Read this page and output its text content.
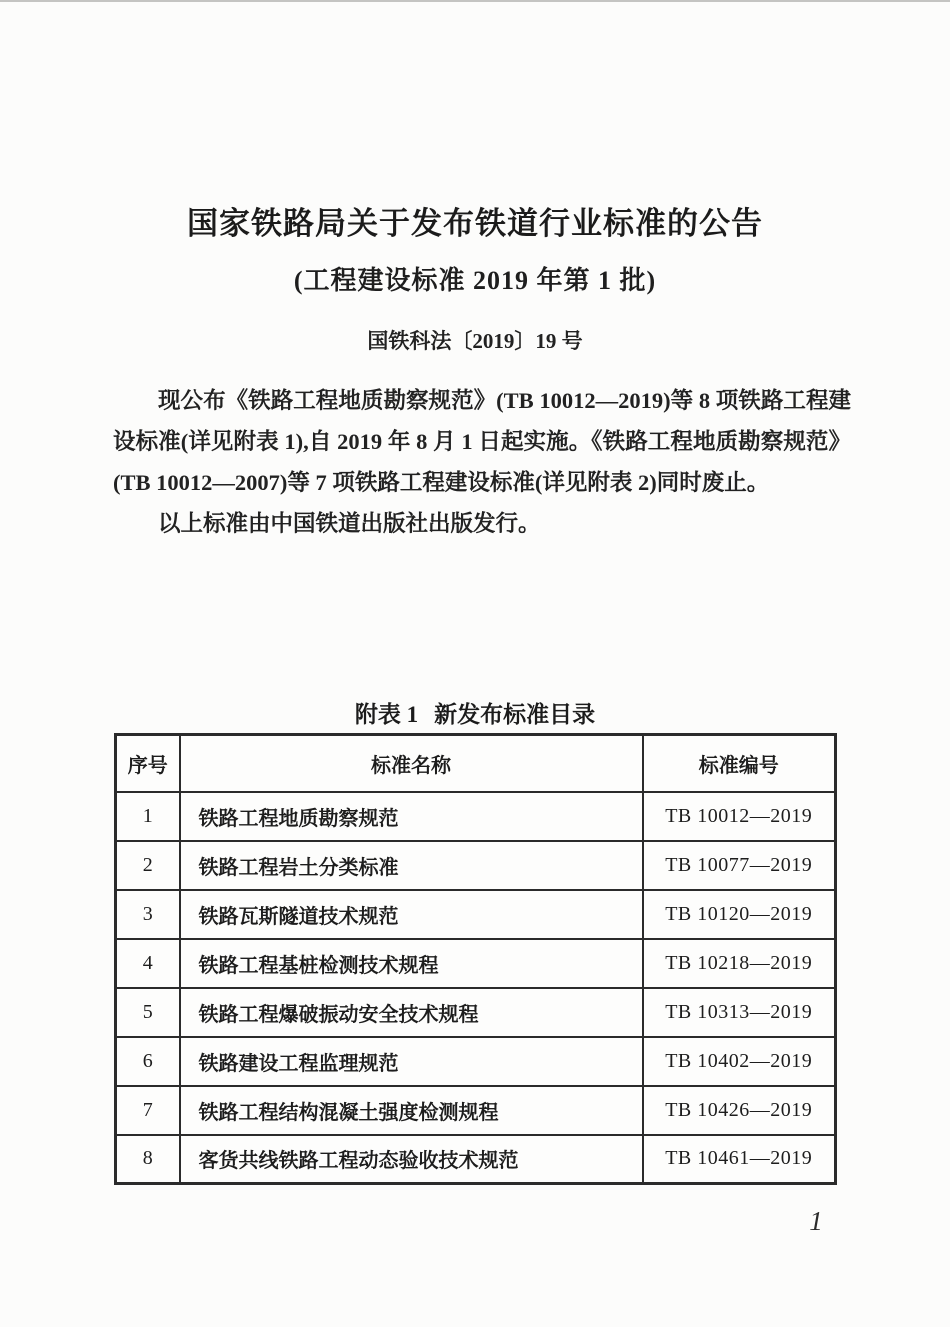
国家铁路局关于发布铁道行业标准的公告
(工程建设标准 2019 年第 1 批)
国铁科法〔2019〕19 号

现公布《铁路工程地质勘察规范》(TB 10012—2019)等 8 项铁路工程建设标准(详见附表 1),自 2019 年 8 月 1 日起实施。《铁路工程地质勘察规范》(TB 10012—2007)等 7 项铁路工程建设标准(详见附表 2)同时废止。

以上标准由中国铁道出版社出版发行。

附表 1 新发布标准目录
序号	标准名称	标准编号
1	铁路工程地质勘察规范	TB 10012—2019
2	铁路工程岩土分类标准	TB 10077—2019
3	铁路瓦斯隧道技术规范	TB 10120—2019
4	铁路工程基桩检测技术规程	TB 10218—2019
5	铁路工程爆破振动安全技术规程	TB 10313—2019
6	铁路建设工程监理规范	TB 10402—2019
7	铁路工程结构混凝土强度检测规程	TB 10426—2019
8	客货共线铁路工程动态验收技术规范	TB 10461—2019
1
